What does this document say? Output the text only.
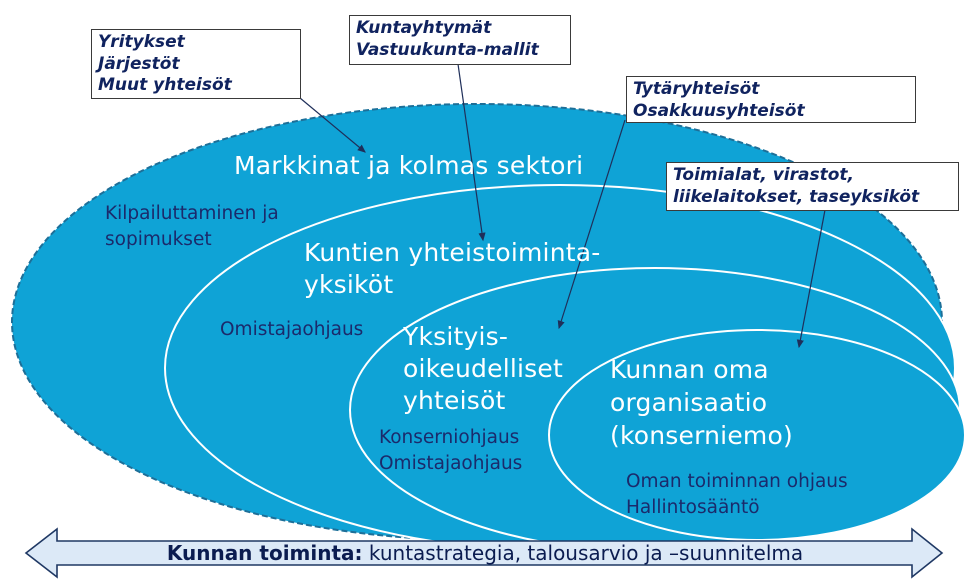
Markkinat ja kolmas sektori
Kilpailuttaminen ja
sopimukset	Kuntien yhteistoiminta-
yksiköt
Omistajaohjaus Yksityis-
oikeudelliset
yhteisöt
Konserniohjaus
Omistajaohjaus
Kunnan oma
organisaatio
(konserniemo)
Oman toiminnan ohjaus
Hallintosääntö
Yritykset
Järjestöt
Muut yhteisöt
Kuntayhtymät
Vastuukunta-mallit
Tytäryhteisöt
Osakkuusyhteisöt
Toimialat, virastot,
liikelaitokset, taseyksiköt
Kunnan toiminta: kuntastrategia, talousarvio ja –suunnitelma
